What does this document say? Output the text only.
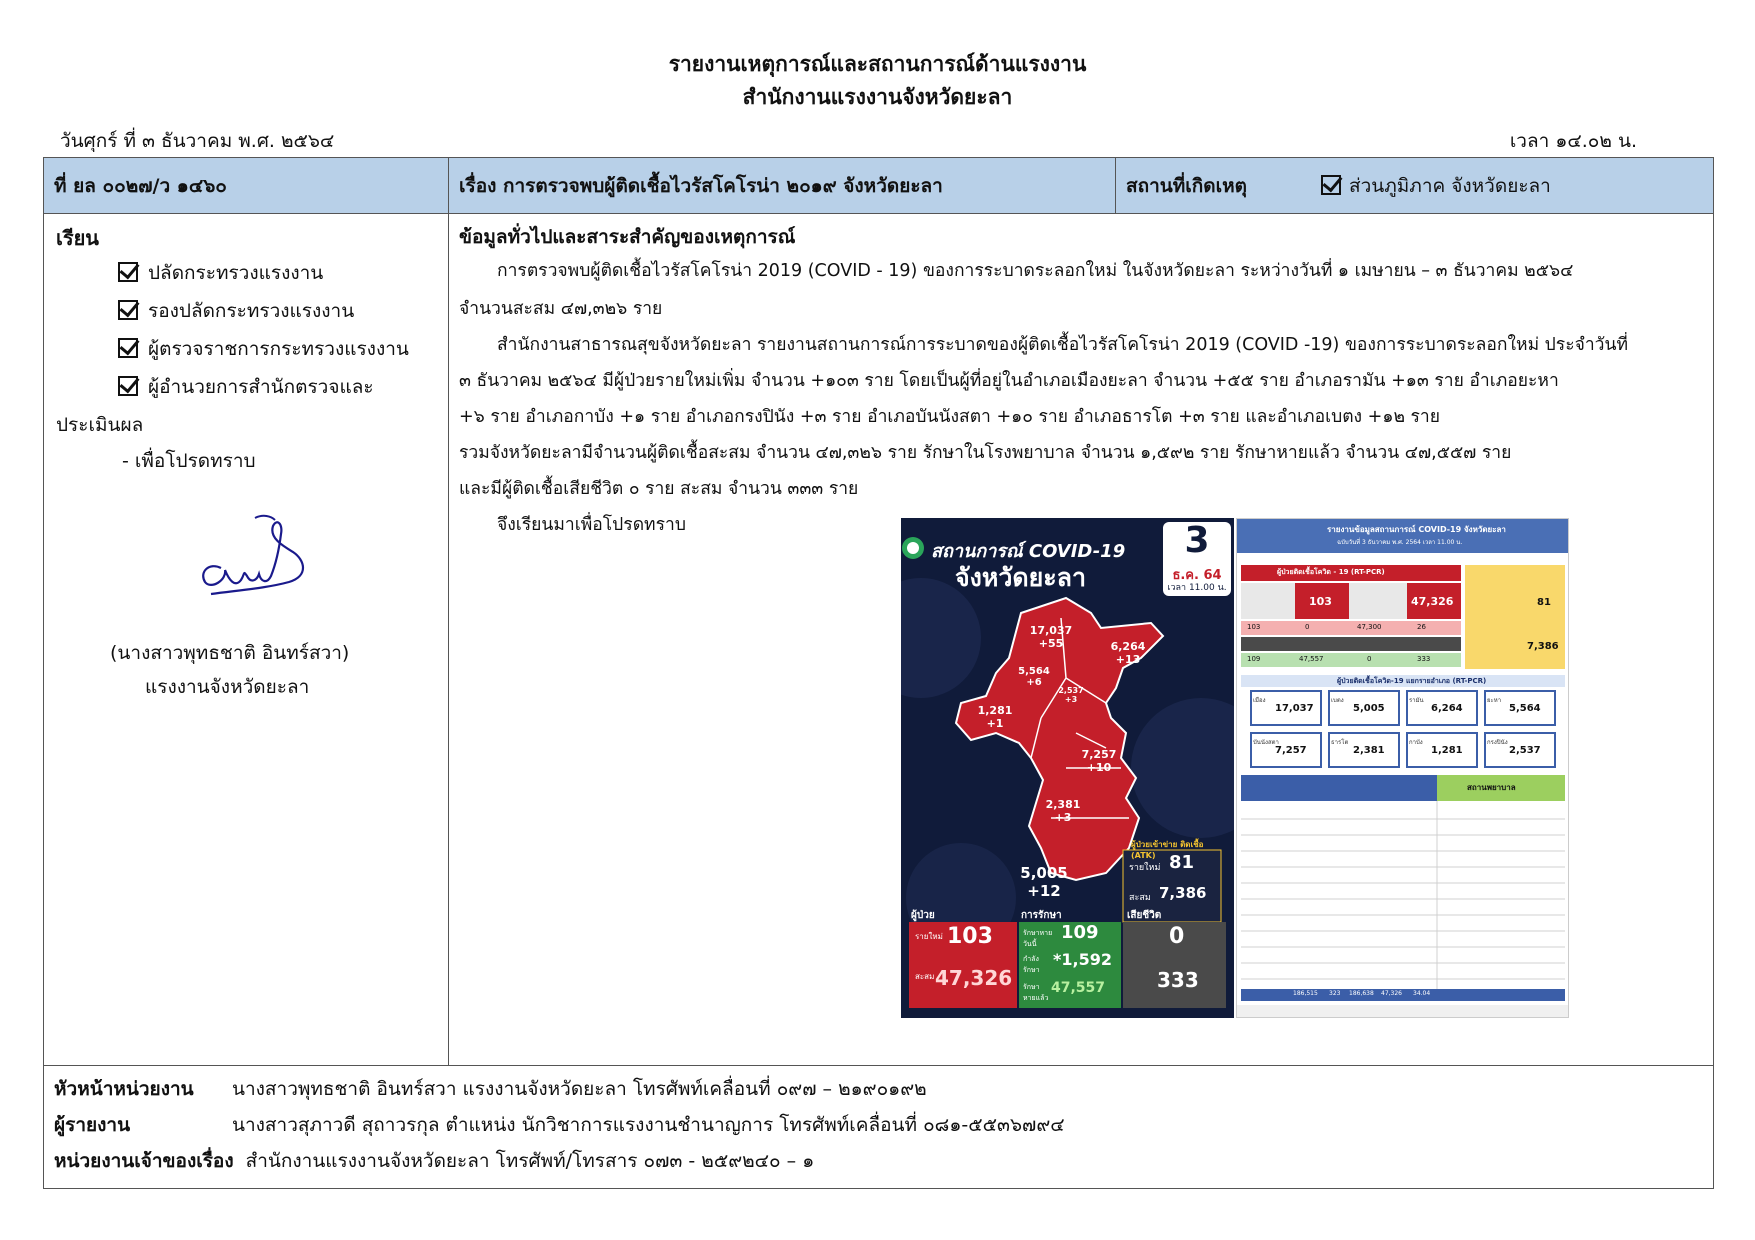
รายงานเหตุการณ์และสถานการณ์ด้านแรงงาน
สำนักงานแรงงานจังหวัดยะลา
วันศุกร์ ที่ ๓ ธันวาคม พ.ศ. ๒๕๖๔	เวลา ๑๔.๐๒ น.
ที่ ยล ๐๐๒๗/ว ๑๔๖๐	เรื่อง การตรวจพบผู้ติดเชื้อไวรัสโคโรน่า ๒๐๑๙ จังหวัดยะลา	สถานที่เกิดเหตุ	ส่วนภูมิภาค จังหวัดยะลา
เรียน
ปลัดกระทรวงแรงงาน
รองปลัดกระทรวงแรงงาน
ผู้ตรวจราชการกระทรวงแรงงาน
ผู้อำนวยการสำนักตรวจและ
ประเมินผล
- เพื่อโปรดทราบ
(นางสาวพุทธชาติ อินทร์สวา)
แรงงานจังหวัดยะลา
ข้อมูลทั่วไปและสาระสำคัญของเหตุการณ์
การตรวจพบผู้ติดเชื้อไวรัสโคโรน่า 2019 (COVID - 19) ของการระบาดระลอกใหม่ ในจังหวัดยะลา ระหว่างวันที่ ๑ เมษายน – ๓ ธันวาคม ๒๕๖๔
จำนวนสะสม ๔๗,๓๒๖ ราย
สำนักงานสาธารณสุขจังหวัดยะลา รายงานสถานการณ์การระบาดของผู้ติดเชื้อไวรัสโคโรน่า 2019 (COVID -19) ของการระบาดระลอกใหม่ ประจำวันที่
๓ ธันวาคม ๒๕๖๔ มีผู้ป่วยรายใหม่เพิ่ม จำนวน +๑๐๓ ราย โดยเป็นผู้ที่อยู่ในอำเภอเมืองยะลา จำนวน +๕๕ ราย อำเภอรามัน +๑๓ ราย อำเภอยะหา
+๖ ราย อำเภอกาบัง +๑ ราย อำเภอกรงปินัง +๓ ราย อำเภอบันนังสตา +๑๐ ราย อำเภอธารโต +๓ ราย และอำเภอเบตง +๑๒ ราย
รวมจังหวัดยะลามีจำนวนผู้ติดเชื้อสะสม จำนวน ๔๗,๓๒๖ ราย รักษาในโรงพยาบาล จำนวน ๑,๕๙๒ ราย รักษาหายแล้ว จำนวน ๔๗,๕๕๗ ราย
และมีผู้ติดเชื้อเสียชีวิต ๐ ราย สะสม จำนวน ๓๓๓ ราย
จึงเรียนมาเพื่อโปรดทราบ
สถานการณ์ COVID-19
จังหวัดยะลา
3
ธ.ค. 64
เวลา 11.00 น.
17,037
+55	6,264
+13
5,564
+6
2,537
+3
1,281
+1
7,257
+10
2,381
+3
5,005
+12
ผู้ป่วยเข้าข่าย ติดเชื้อ (ATK)
รายใหม่ 81
สะสม 7,386
ผู้ป่วย
รายใหม่ 103
สะสม 47,326
การรักษา
รักษาหาย วันนี้
109
กำลัง รักษา
*1,592
รักษา หายแล้ว
47,557
เสียชีวิต
0
333
รายงานข้อมูลสถานการณ์ COVID-19 จังหวัดยะลา
ฉบับวันที่ 3 ธันวาคม พ.ศ. 2564 เวลา 11.00 น.
ผู้ป่วยติดเชื้อโควิด - 19 (RT-PCR)
103	47,326	81
7,386
103	0	47,300	26
109	47,557	0	333
ผู้ป่วยติดเชื้อโควิด-19 แยกรายอำเภอ (RT-PCR)
เมือง
17,037
เบตง
5,005
รามัน
6,264
ยะหา
5,564
บันนังสตา
7,257
ธารโต
2,381
กาบัง
1,281
กรงปินัง
2,537
สถานพยาบาล
186,515 323 186,638 47,326 34.04
หัวหน้าหน่วยงาน นางสาวพุทธชาติ อินทร์สวา แรงงานจังหวัดยะลา โทรศัพท์เคลื่อนที่ ๐๙๗ – ๒๑๙๐๑๙๒
ผู้รายงาน	นางสาวสุภาวดี สุถาวรกุล ตำแหน่ง นักวิชาการแรงงานชำนาญการ โทรศัพท์เคลื่อนที่ ๐๘๑-๕๕๓๖๗๙๔
หน่วยงานเจ้าของเรื่อง สำนักงานแรงงานจังหวัดยะลา โทรศัพท์/โทรสาร ๐๗๓ - ๒๕๙๒๔๐ – ๑
